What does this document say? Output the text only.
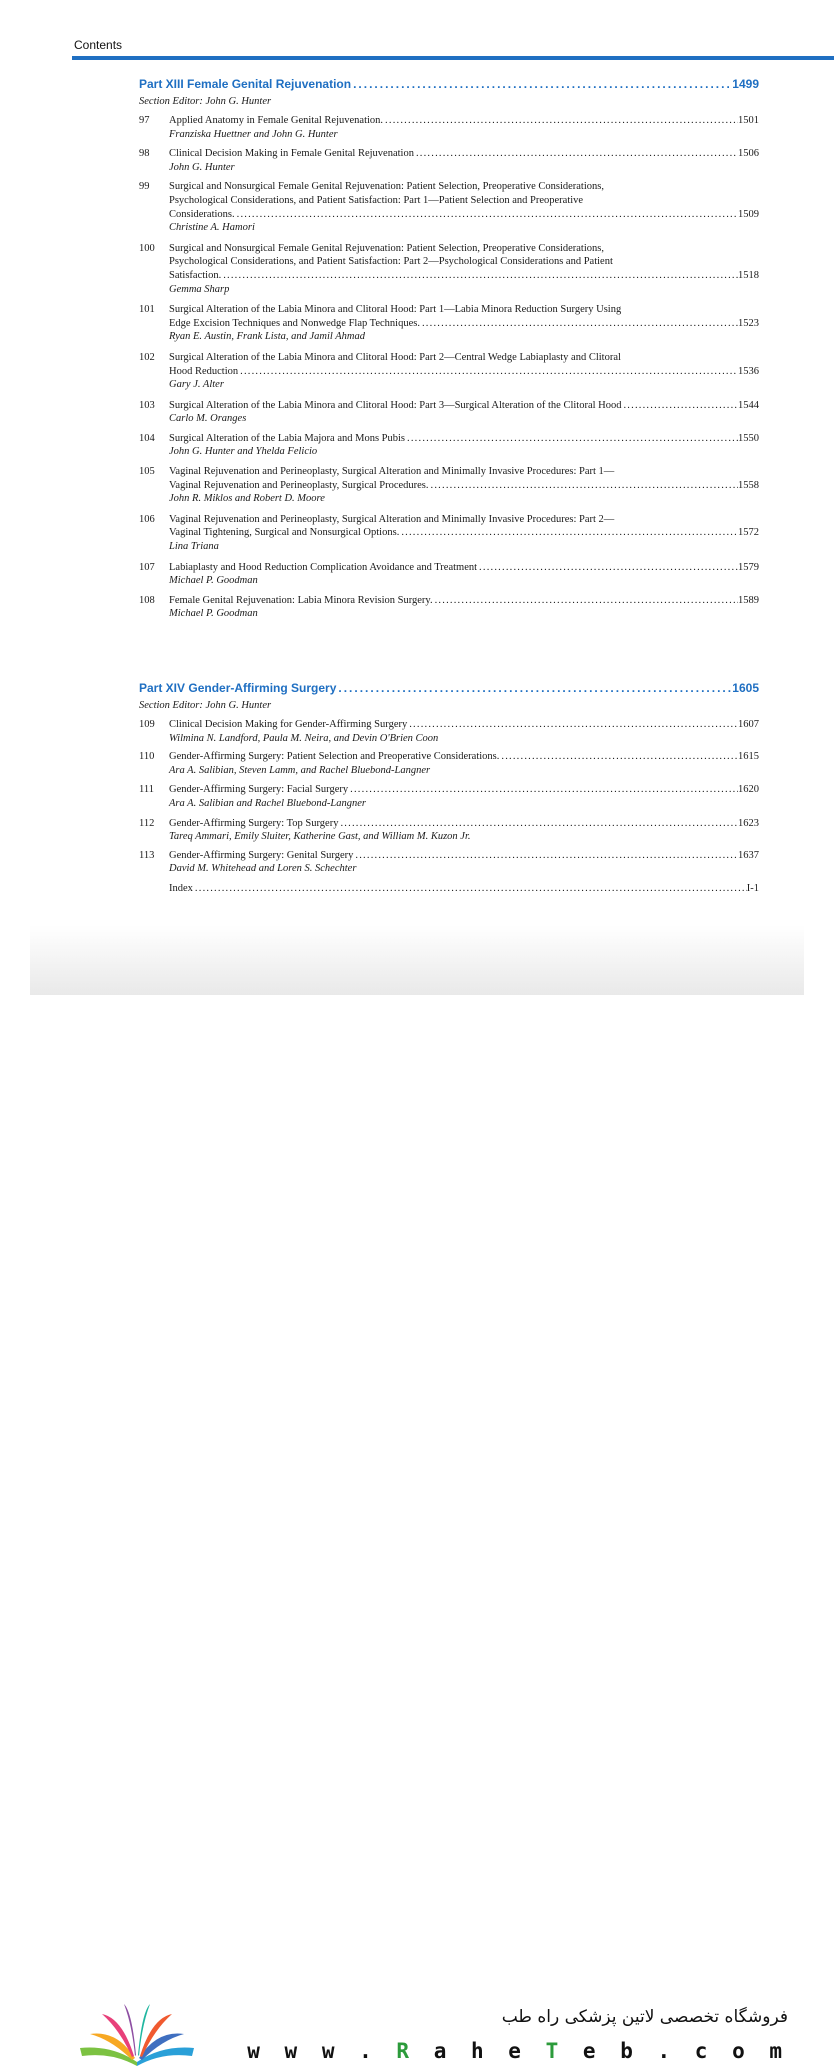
Contents
Part XIII Female Genital Rejuvenation .....	1499
Section Editor: John G. Hunter
97 Applied Anatomy in Female Genital Rejuvenation. .....	1501
Franziska Huettner and John G. Hunter
98 Clinical Decision Making in Female Genital Rejuvenation .....	1506
John G. Hunter
99 Surgical and Nonsurgical Female Genital Rejuvenation: Patient Selection, Preoperative Considerations,
Psychological Considerations, and Patient Satisfaction: Part 1—Patient Selection and Preoperative
Considerations. .....	1509
Christine A. Hamori
100 Surgical and Nonsurgical Female Genital Rejuvenation: Patient Selection, Preoperative Considerations,
Psychological Considerations, and Patient Satisfaction: Part 2—Psychological Considerations and Patient
Satisfaction. .....	1518
Gemma Sharp
101 Surgical Alteration of the Labia Minora and Clitoral Hood: Part 1—Labia Minora Reduction Surgery Using
Edge Excision Techniques and Nonwedge Flap Techniques. .....	1523
Ryan E. Austin, Frank Lista, and Jamil Ahmad
102 Surgical Alteration of the Labia Minora and Clitoral Hood: Part 2—Central Wedge Labiaplasty and Clitoral
Hood Reduction .....	1536
Gary J. Alter
103 Surgical Alteration of the Labia Minora and Clitoral Hood: Part 3—Surgical Alteration of the Clitoral Hood .....	1544
Carlo M. Oranges
104 Surgical Alteration of the Labia Majora and Mons Pubis .....	1550
John G. Hunter and Yhelda Felicio
105 Vaginal Rejuvenation and Perineoplasty, Surgical Alteration and Minimally Invasive Procedures: Part 1—
Vaginal Rejuvenation and Perineoplasty, Surgical Procedures. .....	1558
John R. Miklos and Robert D. Moore
106 Vaginal Rejuvenation and Perineoplasty, Surgical Alteration and Minimally Invasive Procedures: Part 2—
Vaginal Tightening, Surgical and Nonsurgical Options. .....	1572
Lina Triana
107 Labiaplasty and Hood Reduction Complication Avoidance and Treatment .....	1579
Michael P. Goodman
108 Female Genital Rejuvenation: Labia Minora Revision Surgery. .....	1589
Michael P. Goodman
Part XIV Gender-Affirming Surgery .....	1605
Section Editor: John G. Hunter
109 Clinical Decision Making for Gender-Affirming Surgery .....	1607
Wilmina N. Landford, Paula M. Neira, and Devin O'Brien Coon
110 Gender-Affirming Surgery: Patient Selection and Preoperative Considerations. .....	1615
Ara A. Salibian, Steven Lamm, and Rachel Bluebond-Langner
111 Gender-Affirming Surgery: Facial Surgery .....	1620
Ara A. Salibian and Rachel Bluebond-Langner
112 Gender-Affirming Surgery: Top Surgery .....	1623
Tareq Ammari, Emily Sluiter, Katherine Gast, and William M. Kuzon Jr.
113 Gender-Affirming Surgery: Genital Surgery .....	1637
David M. Whitehead and Loren S. Schechter
Index .....	I-1
فروشگاه تخصصی لاتین پزشکی راه طب
w w w . R a h e T e b . c o m
